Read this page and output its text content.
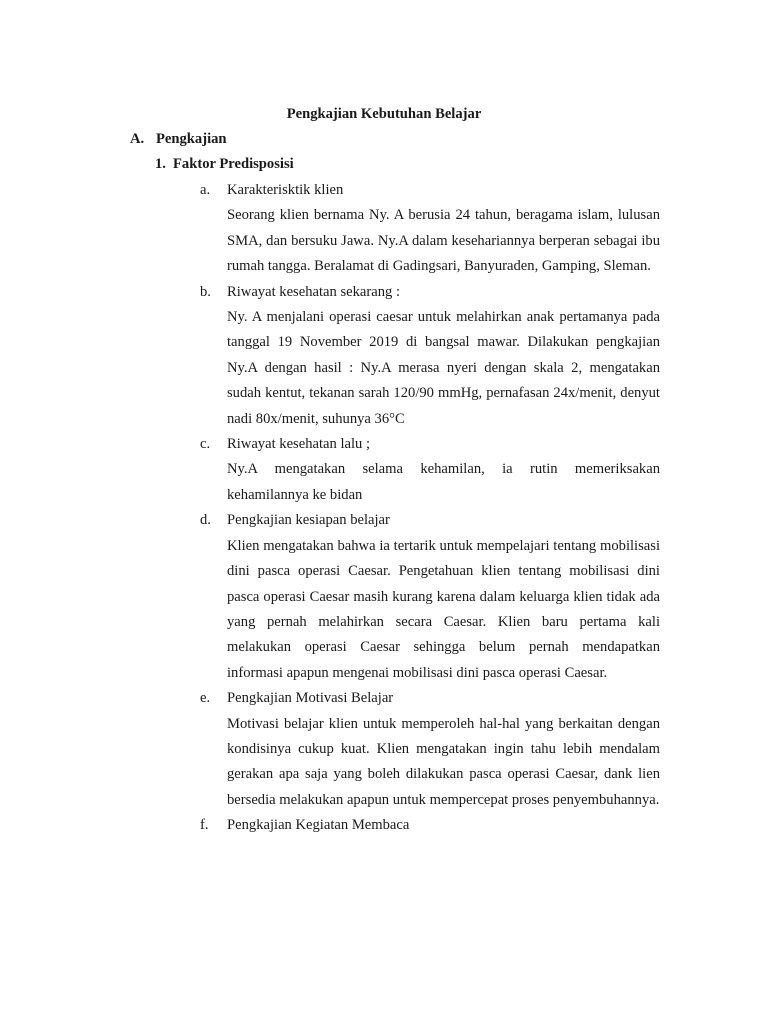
Pengkajian Kebutuhan Belajar
A. Pengkajian
1. Faktor Predisposisi
a. Karakterisktik klien

Seorang klien bernama Ny. A berusia 24 tahun, beragama islam, lulusan SMA, dan bersuku Jawa. Ny.A dalam kesehariannya berperan sebagai ibu rumah tangga. Beralamat di Gadingsari, Banyuraden, Gamping, Sleman.

b. Riwayat kesehatan sekarang :

Ny. A menjalani operasi caesar untuk melahirkan anak pertamanya pada tanggal 19 November 2019 di bangsal mawar. Dilakukan pengkajian Ny.A dengan hasil : Ny.A merasa nyeri dengan skala 2, mengatakan sudah kentut, tekanan sarah 120/90 mmHg, pernafasan 24x/menit, denyut nadi 80x/menit, suhunya 36°C

c. Riwayat kesehatan lalu ;

Ny.A mengatakan selama kehamilan, ia rutin memeriksakan kehamilannya ke bidan

d. Pengkajian kesiapan belajar

Klien mengatakan bahwa ia tertarik untuk mempelajari tentang mobilisasi dini pasca operasi Caesar. Pengetahuan klien tentang mobilisasi dini pasca operasi Caesar masih kurang karena dalam keluarga klien tidak ada yang pernah melahirkan secara Caesar. Klien baru pertama kali melakukan operasi Caesar sehingga belum pernah mendapatkan informasi apapun mengenai mobilisasi dini pasca operasi Caesar.

e. Pengkajian Motivasi Belajar

Motivasi belajar klien untuk memperoleh hal-hal yang berkaitan dengan kondisinya cukup kuat. Klien mengatakan ingin tahu lebih mendalam gerakan apa saja yang boleh dilakukan pasca operasi Caesar, dank lien bersedia melakukan apapun untuk mempercepat proses penyembuhannya.

f. Pengkajian Kegiatan Membaca
